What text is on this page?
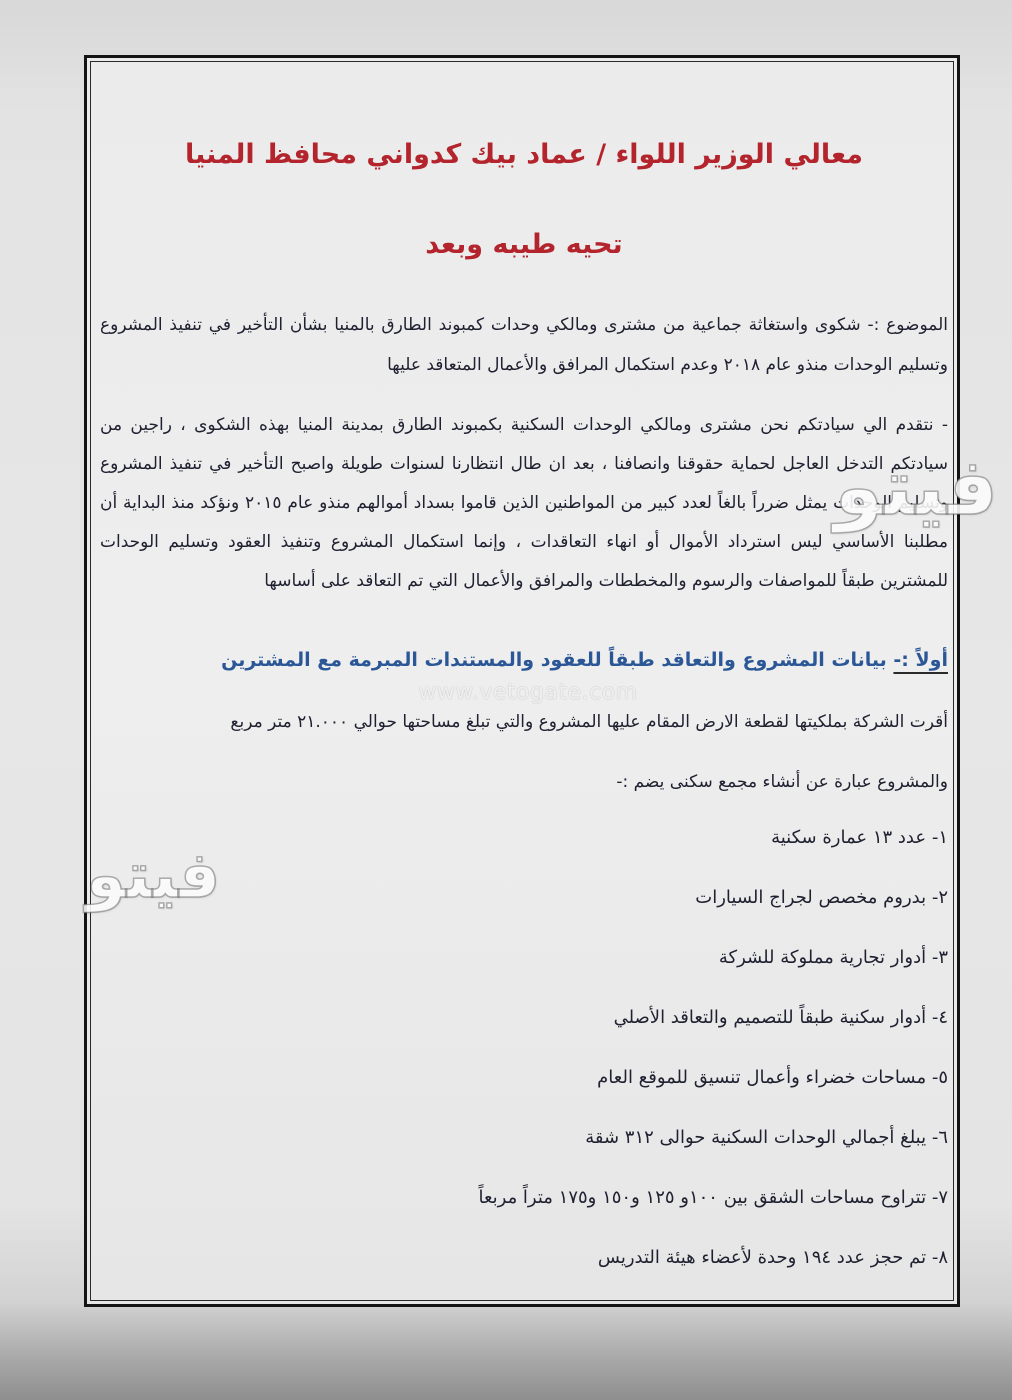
معالي الوزير اللواء / عماد بيك كدواني محافظ المنيا
تحيه طيبه وبعد

الموضوع :- شكوى واستغاثة جماعية من مشترى ومالكي وحدات كمبوند الطارق بالمنيا بشأن التأخير في تنفيذ المشروع وتسليم الوحدات منذو عام ٢٠١٨ وعدم استكمال المرافق والأعمال المتعاقد عليها

- نتقدم الي سيادتكم نحن مشترى ومالكي الوحدات السكنية بكمبوند الطارق بمدينة المنيا بهذه الشكوى ، راجين من سيادتكم التدخل العاجل لحماية حقوقنا وانصافنا ، بعد ان طال انتظارنا لسنوات طويلة واصبح التأخير في تنفيذ المشروع وتسليم الوحدات يمثل ضرراً بالغاً لعدد كبير من المواطنين الذين قاموا بسداد أموالهم منذو عام ٢٠١٥ ونؤكد منذ البداية أن مطلبنا الأساسي ليس استرداد الأموال أو انهاء التعاقدات ، وإنما استكمال المشروع وتنفيذ العقود وتسليم الوحدات للمشترين طبقاً للمواصفات والرسوم والمخططات والمرافق والأعمال التي تم التعاقد على أساسها

أولاً :- بيانات المشروع والتعاقد طبقاً للعقود والمستندات المبرمة مع المشترين

أقرت الشركة بملكيتها لقطعة الارض المقام عليها المشروع والتي تبلغ مساحتها حوالي ٢١.٠٠٠ متر مربع

والمشروع عبارة عن أنشاء مجمع سكنى يضم :-

١- عدد ١٣ عمارة سكنية
٢- بدروم مخصص لجراج السيارات
٣- أدوار تجارية مملوكة للشركة
٤- أدوار سكنية طبقاً للتصميم والتعاقد الأصلي
٥- مساحات خضراء وأعمال تنسيق للموقع العام
٦- يبلغ أجمالي الوحدات السكنية حوالى ٣١٢ شقة
٧- تتراوح مساحات الشقق بين ١٠٠و ١٢٥ و١٥٠ و١٧٥ متراً مربعاً
٨- تم حجز عدد ١٩٤ وحدة لأعضاء هيئة التدريس
www.vetogate.com
فيتو
فيتو
